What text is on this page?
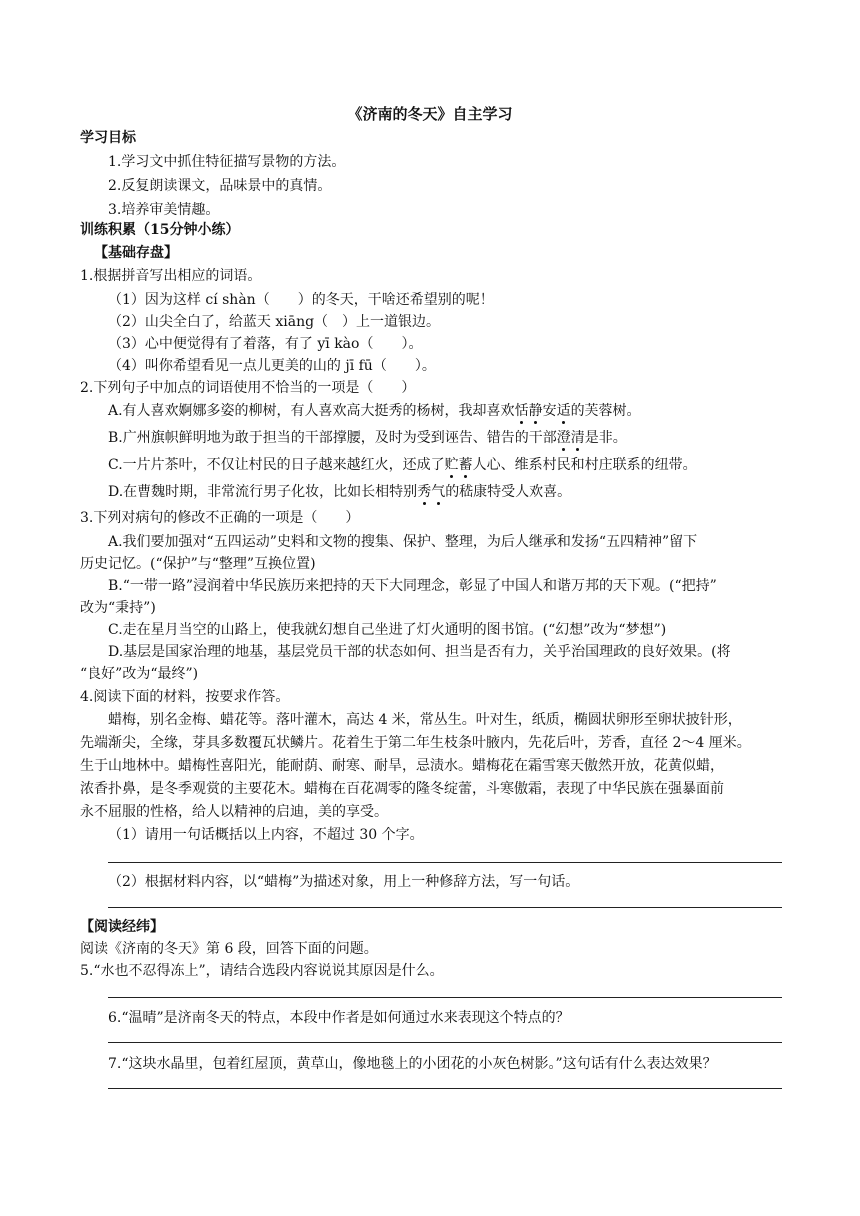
《济南的冬天》自主学习
学习目标
1.学习文中抓住特征描写景物的方法。
2.反复朗读课文，品味景中的真情。
3.培养审美情趣。
训练积累（15分钟小练）
【基础存盘】
1.根据拼音写出相应的词语。
（1）因为这样 cí shàn（　　）的冬天，干啥还希望别的呢！
（2）山尖全白了，给蓝天 xiāng（　）上一道银边。
（3）心中便觉得有了着落，有了 yī kào（　　）。
（4）叫你希望看见一点儿更美的山的 jī fū（　　）。
2.下列句子中加点的词语使用不恰当的一项是（　　）
A.有人喜欢婀娜多姿的柳树，有人喜欢高大挺秀的杨树，我却喜欢恬静安适的芙蓉树。
B.广州旗帜鲜明地为敢于担当的干部撑腰，及时为受到诬告、错告的干部澄清是非。
C.一片片茶叶，不仅让村民的日子越来越红火，还成了贮蓄人心、维系村民和村庄联系的纽带。
D.在曹魏时期，非常流行男子化妆，比如长相特别秀气的嵇康特受人欢喜。
3.下列对病句的修改不正确的一项是（　　）
A.我们要加强对“五四运动”史料和文物的搜集、保护、整理，为后人继承和发扬“五四精神”留下
历史记忆。(“保护”与“整理”互换位置)
B.“一带一路”浸润着中华民族历来把持的天下大同理念，彰显了中国人和谐万邦的天下观。(“把持”
改为“秉持”)
C.走在星月当空的山路上，使我就幻想自己坐进了灯火通明的图书馆。(“幻想”改为“梦想”)
D.基层是国家治理的地基，基层党员干部的状态如何、担当是否有力，关乎治国理政的良好效果。(将
“良好”改为“最终”)
4.阅读下面的材料，按要求作答。
蜡梅，别名金梅、蜡花等。落叶灌木，高达 4 米，常丛生。叶对生，纸质，椭圆状卵形至卵状披针形，
先端渐尖，全缘，芽具多数覆瓦状鳞片。花着生于第二年生枝条叶腋内，先花后叶，芳香，直径 2～4 厘米。
生于山地林中。蜡梅性喜阳光，能耐荫、耐寒、耐旱，忌渍水。蜡梅花在霜雪寒天傲然开放，花黄似蜡，
浓香扑鼻，是冬季观赏的主要花木。蜡梅在百花凋零的隆冬绽蕾，斗寒傲霜，表现了中华民族在强暴面前
永不屈服的性格，给人以精神的启迪，美的享受。
（1）请用一句话概括以上内容，不超过 30 个字。
（2）根据材料内容，以“蜡梅”为描述对象，用上一种修辞方法，写一句话。
【阅读经纬】
阅读《济南的冬天》第 6 段，回答下面的问题。
5.“水也不忍得冻上”，请结合选段内容说说其原因是什么。
6.“温晴”是济南冬天的特点，本段中作者是如何通过水来表现这个特点的？
7.“这块水晶里，包着红屋顶，黄草山，像地毯上的小团花的小灰色树影。”这句话有什么表达效果？
